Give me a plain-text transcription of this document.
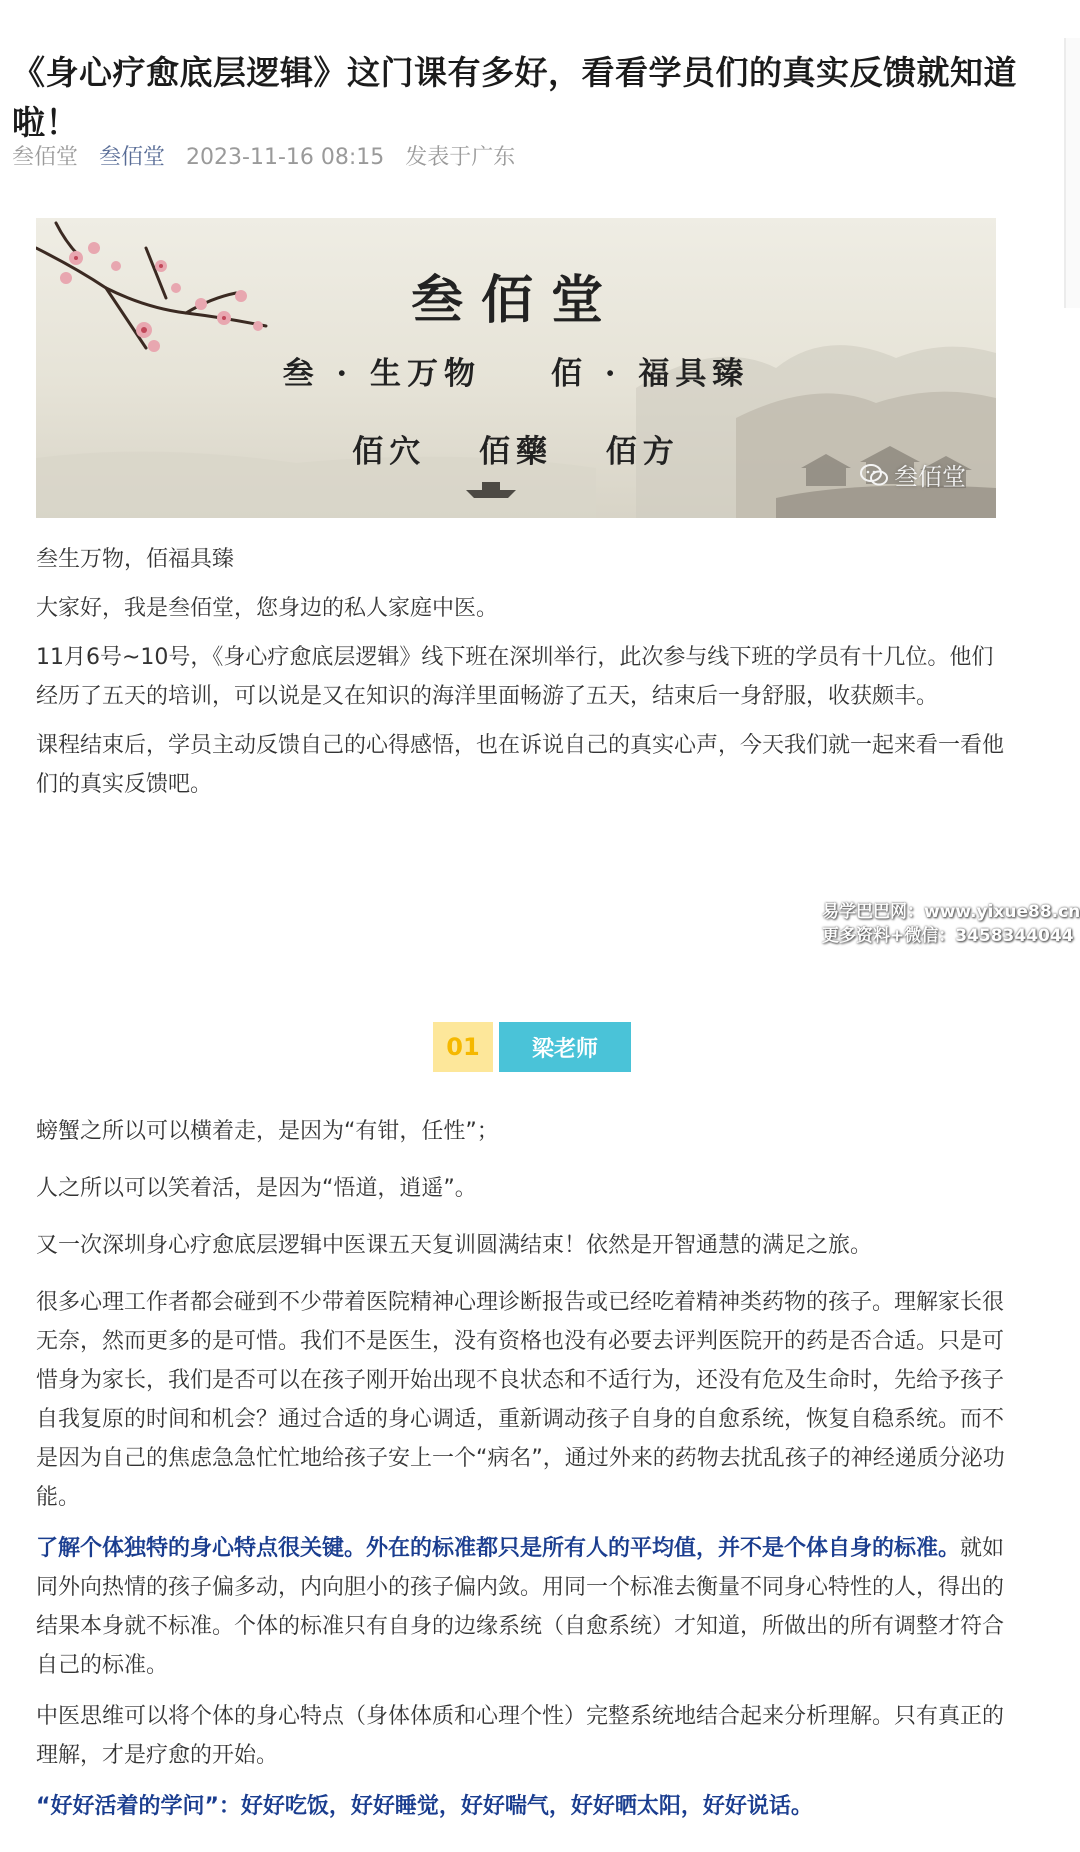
《身心疗愈底层逻辑》这门课有多好，看看学员们的真实反馈就知道啦！
叁佰堂 叁佰堂 2023-11-16 08:15 发表于广东
叁佰堂
叁 · 生万物 佰 · 福具臻
佰穴 佰藥 佰方
叁佰堂

叁生万物，佰福具臻

大家好，我是叁佰堂，您身边的私人家庭中医。

11月6号~10号，《身心疗愈底层逻辑》线下班在深圳举行，此次参与线下班的学员有十几位。他们经历了五天的培训，可以说是又在知识的海洋里面畅游了五天，结束后一身舒服，收获颇丰。

课程结束后，学员主动反馈自己的心得感悟，也在诉说自己的真实心声，今天我们就一起来看一看他们的真实反馈吧。

易学巴巴网：www.yixue88.cn
更多资料+微信：3458344044
01	梁老师

螃蟹之所以可以横着走，是因为“有钳，任性”；

人之所以可以笑着活，是因为“悟道，逍遥”。

又一次深圳身心疗愈底层逻辑中医课五天复训圆满结束！依然是开智通慧的满足之旅。

很多心理工作者都会碰到不少带着医院精神心理诊断报告或已经吃着精神类药物的孩子。理解家长很无奈，然而更多的是可惜。我们不是医生，没有资格也没有必要去评判医院开的药是否合适。只是可惜身为家长，我们是否可以在孩子刚开始出现不良状态和不适行为，还没有危及生命时，先给予孩子自我复原的时间和机会？通过合适的身心调适，重新调动孩子自身的自愈系统，恢复自稳系统。而不是因为自己的焦虑急急忙忙地给孩子安上一个“病名”，通过外来的药物去扰乱孩子的神经递质分泌功能。

了解个体独特的身心特点很关键。外在的标准都只是所有人的平均值，并不是个体自身的标准。就如同外向热情的孩子偏多动，内向胆小的孩子偏内敛。用同一个标准去衡量不同身心特性的人，得出的结果本身就不标准。个体的标准只有自身的边缘系统（自愈系统）才知道，所做出的所有调整才符合自己的标准。

中医思维可以将个体的身心特点（身体体质和心理个性）完整系统地结合起来分析理解。只有真正的理解，才是疗愈的开始。

“好好活着的学问”：好好吃饭，好好睡觉，好好喘气，好好晒太阳，好好说话。
